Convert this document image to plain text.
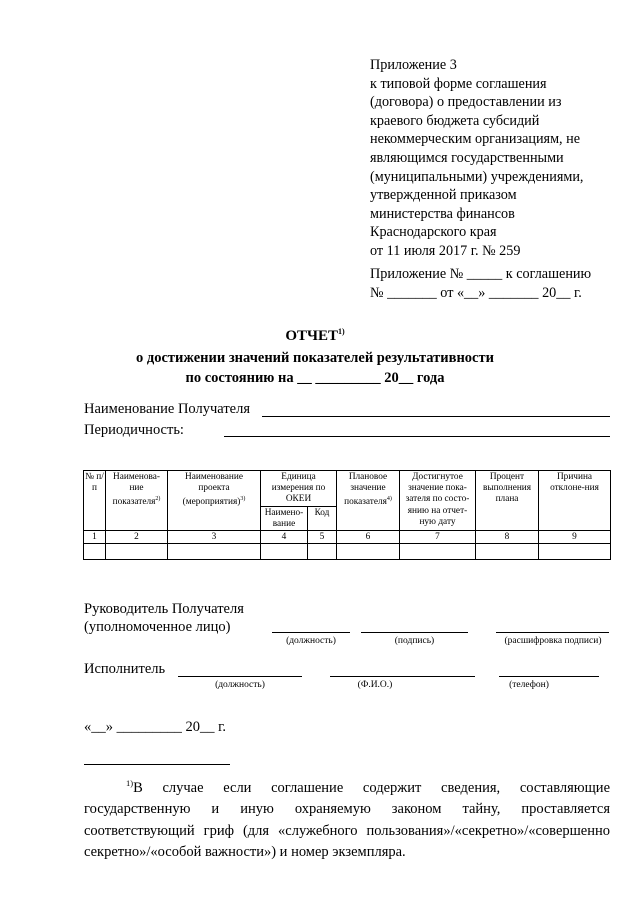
Приложение 3
к типовой форме соглашения
(договора) о предоставлении из
краевого бюджета субсидий
некоммерческим организациям, не
являющимся государственными
(муниципальными) учреждениями,
утвержденной приказом
министерства финансов
Краснодарского края
от 11 июля 2017 г. № 259
Приложение № _____ к соглашению
№ _______ от «__» _______ 20__ г.
ОТЧЕТ$^{1)}$
о достижении значений показателей результативности
по состоянию на __ _________ 20__ года
Наименование Получателя
Периодичность:
№ п/п	Наименова-ние показателя$^{2)}$	Наименование проекта (мероприятия)$^{3)}$	Единица измерения по ОКЕИ		Плановое значение показателя$^{4)}$	Достигнутое значение пока-зателя по состо-янию на отчет-ную дату	Процент выполнения плана	Причина отклоне-ния
			Наимено-вание	Код				
1	2	3	4	5	6	7	8	9

Руководитель Получателя
(уполномоченное лицо)
(должность)	(подпись)	(расшифровка подписи)
Исполнитель
(должность)	(Ф.И.О.)	(телефон)
«__» _________ 20__ г.
$^{1)}$В случае если соглашение содержит сведения, составляющие государственную и иную охраняемую законом тайну, проставляется соответствующий гриф (для «служебного пользования»/«секретно»/«совершенно секретно»/«особой важности») и номер экземпляра.
